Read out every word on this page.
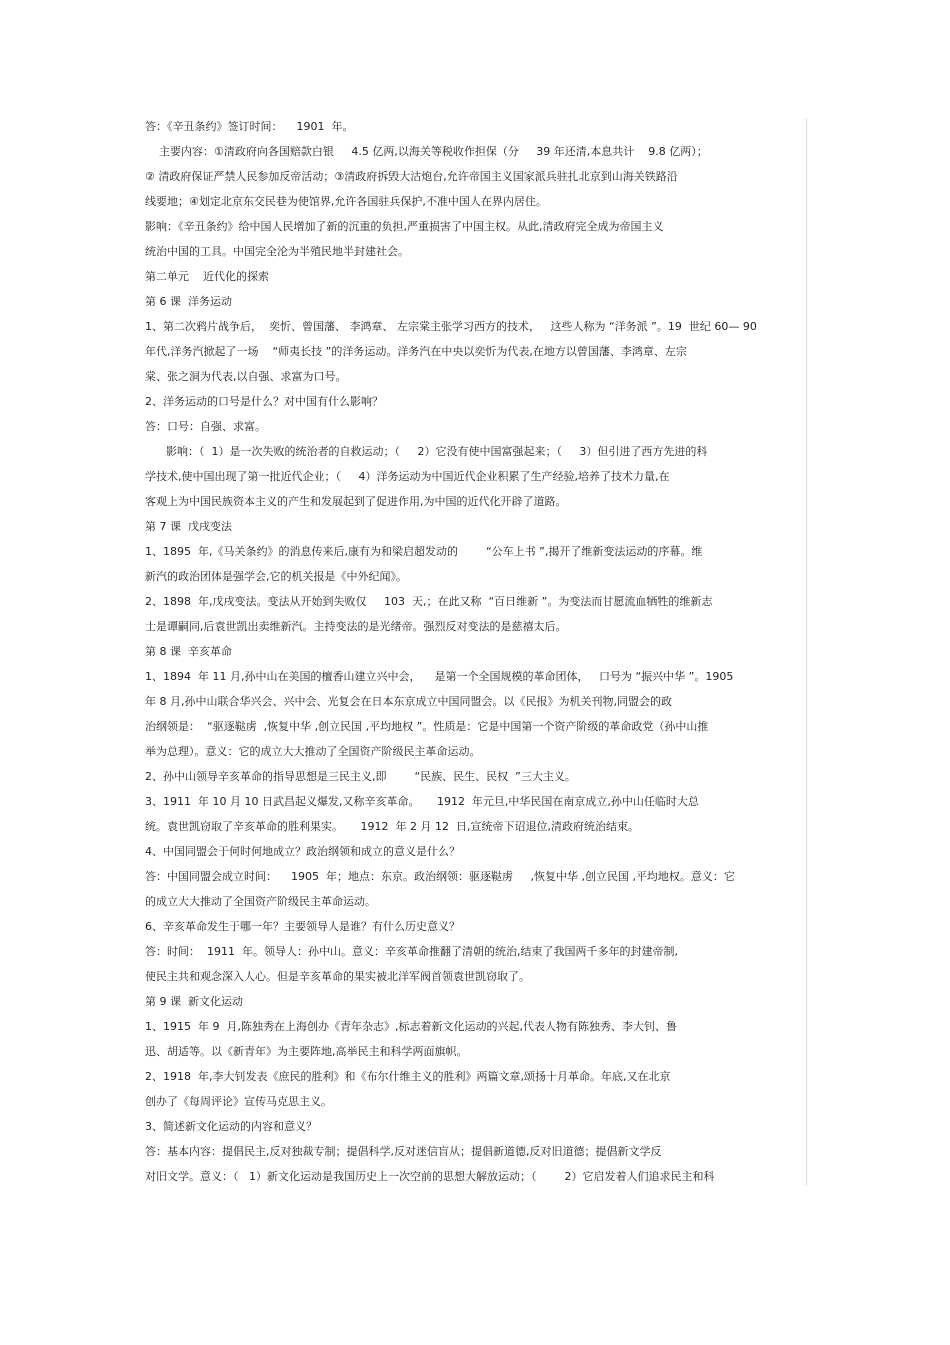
答：《辛丑条约》签订时间：    1901  年。
主要内容：①清政府向各国赔款白银     4.5 亿两,以海关等税收作担保（分     39 年还清,本息共计    9.8 亿两）；
② 清政府保证严禁人民参加反帝活动；③清政府拆毁大沽炮台,允许帝国主义国家派兵驻扎北京到山海关铁路沿
线要地；④划定北京东交民巷为使馆界,允许各国驻兵保护,不准中国人在界内居住。
影响：《辛丑条约》给中国人民增加了新的沉重的负担,严重损害了中国主权。从此,清政府完全成为帝国主义
统治中国的工具。中国完全沦为半殖民地半封建社会。
第二单元    近代化的探索
第 6 课  洋务运动
1、第二次鸦片战争后，  奕忻、曾国藩、 李鸿章、 左宗棠主张学习西方的技术，   这些人称为 “洋务派 ”。19  世纪 60— 90
年代,洋务汽掀起了一场    “师夷长技 ”的洋务运动。洋务汽在中央以奕忻为代表,在地方以曾国藩、李鸿章、左宗
棠、张之洞为代表,以自强、求富为口号。
2、洋务运动的口号是什么？对中国有什么影响？
答：口号：自强、求富。
影响：（  1）是一次失败的统治者的自救运动；（     2）它没有使中国富强起来；（     3）但引进了西方先进的科
学技术,使中国出现了第一批近代企业；（     4）洋务运动为中国近代企业积累了生产经验,培养了技术力量,在
客观上为中国民族资本主义的产生和发展起到了促进作用,为中国的近代化开辟了道路。
第 7 课  戊戌变法
1、1895  年,《马关条约》的消息传来后,康有为和梁启超发动的        “公车上书 ”,揭开了维新变法运动的序幕。维
新汽的政治团体是强学会,它的机关报是《中外纪闻》。
2、1898  年,戊戌变法。变法从开始到失败仅     103  天,；在此又称  “百日维新 ”。为变法而甘愿流血牺牲的维新志
士是谭嗣同,后袁世凯出卖维新汽。主持变法的是光绪帝。强烈反对变法的是慈禧太后。
第 8 课  辛亥革命
1、1894  年 11 月,孙中山在美国的檀香山建立兴中会，    是第一个全国规模的革命团体，   口号为 “振兴中华 ”。1905
年 8 月,孙中山联合华兴会、兴中会、光复会在日本东京成立中国同盟会。以《民报》为机关刊物,同盟会的政
治纲领是：  “驱逐鞑虏  ,恢复中华 ,创立民国 ,平均地权 ”。性质是：它是中国第一个资产阶级的革命政党（孙中山推
举为总理）。意义：它的成立大大推动了全国资产阶级民主革命运动。
2、孙中山领导辛亥革命的指导思想是三民主义,即        “民族、民生、民权  ”三大主义。
3、1911  年 10 月 10 日武昌起义爆发,又称辛亥革命。     1912  年元旦,中华民国在南京成立,孙中山任临时大总
统。袁世凯窃取了辛亥革命的胜利果实。     1912  年 2 月 12  日,宣统帝下诏退位,清政府统治结束。
4、中国同盟会于何时何地成立？政治纲领和成立的意义是什么？
答：中国同盟会成立时间：    1905  年；地点：东京。政治纲领：驱逐鞑虏     ,恢复中华 ,创立民国 ,平均地权。意义：它
的成立大大推动了全国资产阶级民主革命运动。
6、辛亥革命发生于哪一年？主要领导人是谁？有什么历史意义？
答：时间：  1911  年。领导人：孙中山。意义：辛亥革命推翻了清朝的统治,结束了我国两千多年的封建帝制,
使民主共和观念深入人心。但是辛亥革命的果实被北洋军阀首领袁世凯窃取了。
第 9 课  新文化运动
1、1915  年 9  月,陈独秀在上海创办《青年杂志》,标志着新文化运动的兴起,代表人物有陈独秀、李大钊、鲁
迅、胡适等。以《新青年》为主要阵地,高举民主和科学两面旗帜。
2、1918  年,李大钊发表《庶民的胜利》和《布尔什维主义的胜利》两篇文章,颂扬十月革命。年底,又在北京
创办了《每周评论》宣传马克思主义。
3、简述新文化运动的内容和意义？
答：基本内容：提倡民主,反对独裁专制；提倡科学,反对迷信盲从；提倡新道德,反对旧道德；提倡新文学反
对旧文学。意义：（   1）新文化运动是我国历史上一次空前的思想大解放运动；（        2）它启发着人们追求民主和科
